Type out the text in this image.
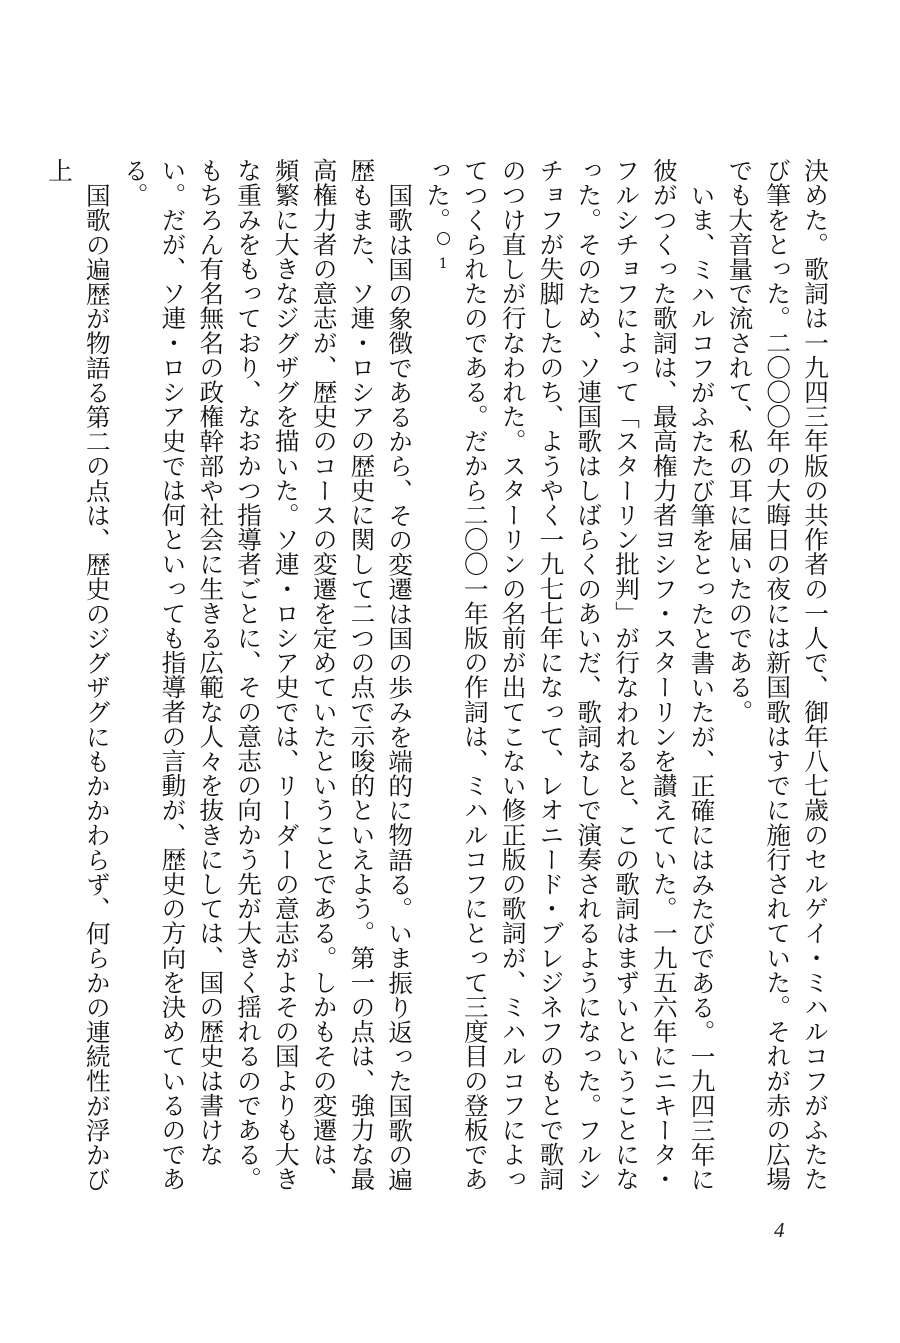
決めた。歌詞は一九四三年版の共作者の一人で、御年八七歳のセルゲイ・ミハルコフがふたたび筆をとった。二〇〇〇年の大晦日の夜には新国歌はすでに施行されていた。それが赤の広場でも大音量で流されて、私の耳に届いたのである。

いま、ミハルコフがふたたび筆をとったと書いたが、正確にはみたびである。一九四三年に彼がつくった歌詞は、最高権力者ヨシフ・スターリンを讃えていた。一九五六年にニキータ・フルシチョフによって「スターリン批判」が行なわれると、この歌詞はまずいということになった。そのため、ソ連国歌はしばらくのあいだ、歌詞なしで演奏されるようになった。フルシチョフが失脚したのち、ようやく一九七七年になって、レオニード・ブレジネフのもとで歌詞のつけ直しが行なわれた。スターリンの名前が出てこない修正版の歌詞が、ミハルコフによってつくられたのである。だから二〇〇一年版の作詞は、ミハルコフにとって三度目の登板であった。1

国歌は国の象徴であるから、その変遷は国の歩みを端的に物語る。いま振り返った国歌の遍歴もまた、ソ連・ロシアの歴史に関して二つの点で示唆的といえよう。第一の点は、強力な最高権力者の意志が、歴史のコースの変遷を定めていたということである。しかもその変遷は、頻繁に大きなジグザグを描いた。ソ連・ロシア史では、リーダーの意志がよその国よりも大きな重みをもっており、なおかつ指導者ごとに、その意志の向かう先が大きく揺れるのである。もちろん有名無名の政権幹部や社会に生きる広範な人々を抜きにしては、国の歴史は書けない。だが、ソ連・ロシア史では何といっても指導者の言動が、歴史の方向を決めているのである。

国歌の遍歴が物語る第二の点は、歴史のジグザグにもかかわらず、何らかの連続性が浮かび上

4
